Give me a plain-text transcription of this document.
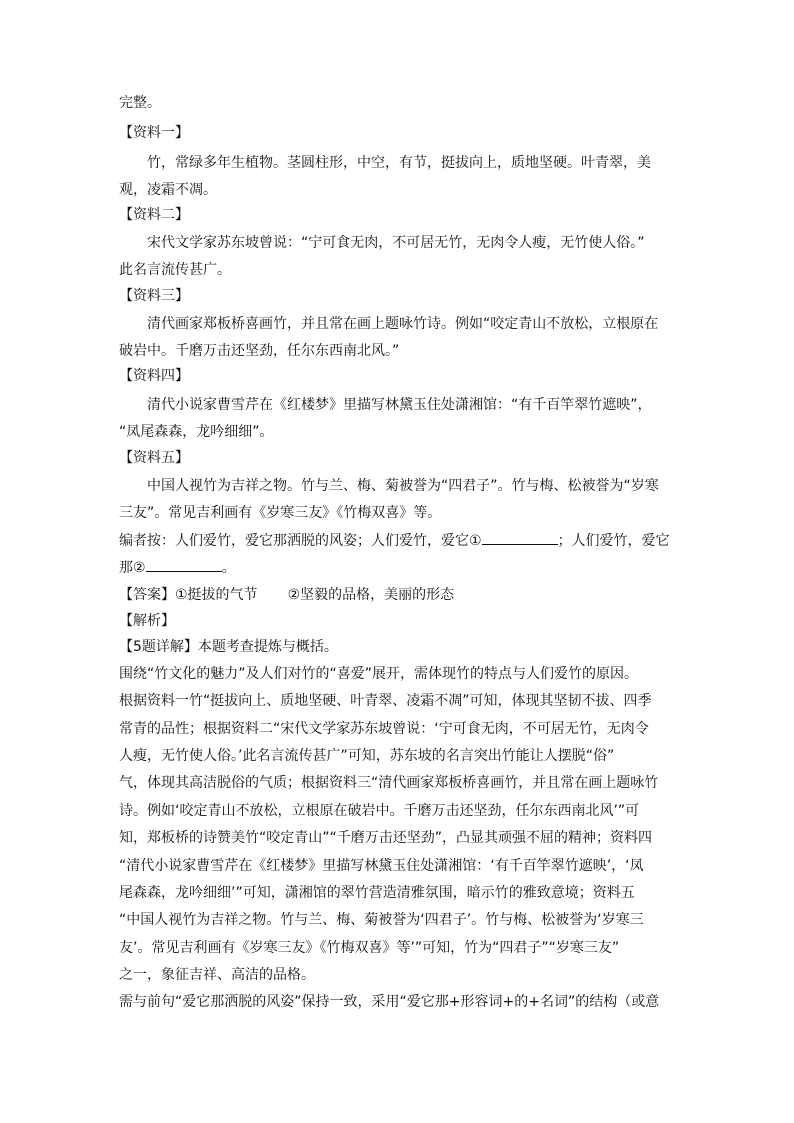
完整。
【资料一】
竹，常绿多年生植物。茎圆柱形，中空，有节，挺拔向上，质地坚硬。叶青翠，美
观，凌霜不凋。
【资料二】
宋代文学家苏东坡曾说：“宁可食无肉，不可居无竹，无肉令人瘦，无竹使人俗。”
此名言流传甚广。
【资料三】
清代画家郑板桥喜画竹，并且常在画上题咏竹诗。例如“咬定青山不放松，立根原在
破岩中。千磨万击还坚劲，任尔东西南北风。”
【资料四】
清代小说家曹雪芹在《红楼梦》里描写林黛玉住处潇湘馆：“有千百竿翠竹遮映”，
“凤尾森森，龙吟细细”。
【资料五】
中国人视竹为吉祥之物。竹与兰、梅、菊被誉为“四君子”。竹与梅、松被誉为“岁寒
三友”。常见吉利画有《岁寒三友》《竹梅双喜》等。
编者按：人们爱竹，爱它那洒脱的风姿；人们爱竹，爱它①	；人们爱竹，爱它
那②	。
【答案】①挺拔的气节 ②坚毅的品格，美丽的形态
【解析】
【5题详解】本题考查提炼与概括。
围绕“竹文化的魅力”及人们对竹的“喜爱”展开，需体现竹的特点与人们爱竹的原因。
根据资料一竹“挺拔向上、质地坚硬、叶青翠、凌霜不凋”可知，体现其坚韧不拔、四季
常青的品性；根据资料二“宋代文学家苏东坡曾说：‘宁可食无肉，不可居无竹，无肉令
人瘦，无竹使人俗。’此名言流传甚广”可知，苏东坡的名言突出竹能让人摆脱“俗”
气，体现其高洁脱俗的气质；根据资料三“清代画家郑板桥喜画竹，并且常在画上题咏竹
诗。例如‘咬定青山不放松，立根原在破岩中。千磨万击还坚劲，任尔东西南北风’”可
知，郑板桥的诗赞美竹“咬定青山”“千磨万击还坚劲”，凸显其顽强不屈的精神；资料四
“清代小说家曹雪芹在《红楼梦》里描写林黛玉住处潇湘馆：‘有千百竿翠竹遮映’，‘凤
尾森森，龙吟细细’”可知，潇湘馆的翠竹营造清雅氛围，暗示竹的雅致意境；资料五
“中国人视竹为吉祥之物。竹与兰、梅、菊被誉为‘四君子’。竹与梅、松被誉为‘岁寒三
友’。常见吉利画有《岁寒三友》《竹梅双喜》等’”可知，竹为“四君子”“岁寒三友”
之一，象征吉祥、高洁的品格。
需与前句“爱它那洒脱的风姿”保持一致，采用“爱它那+形容词+的+名词”的结构（或意
